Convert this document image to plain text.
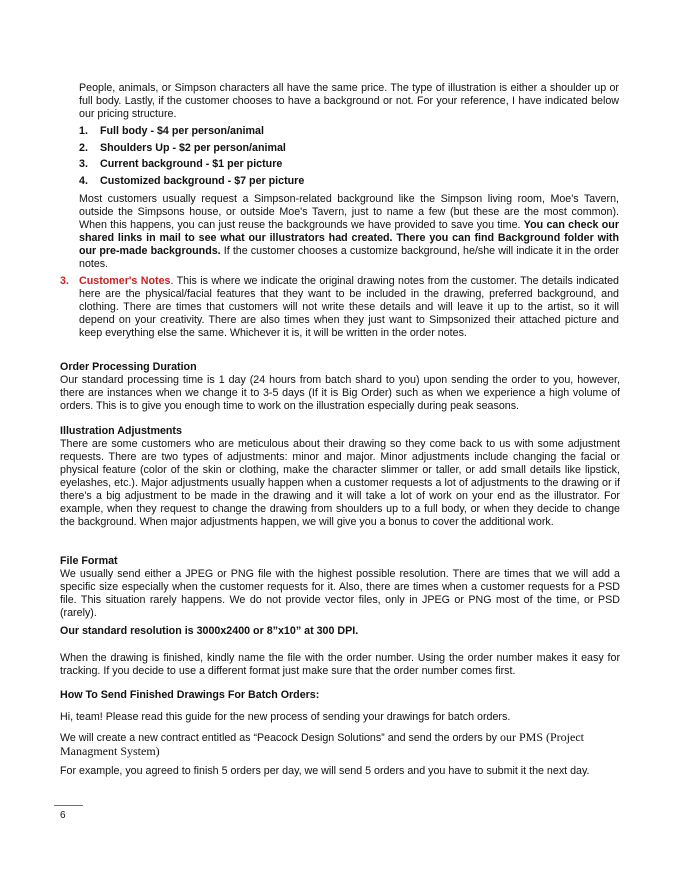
People, animals, or Simpson characters all have the same price. The type of illustration is either a shoulder up or full body. Lastly, if the customer chooses to have a background or not. For your reference, I have indicated below our pricing structure.

1. Full body - $4 per person/animal
2. Shoulders Up - $2 per person/animal
3. Current background - $1 per picture
4. Customized background - $7 per picture

Most customers usually request a Simpson-related background like the Simpson living room, Moe's Tavern, outside the Simpsons house, or outside Moe's Tavern, just to name a few (but these are the most common). When this happens, you can just reuse the backgrounds we have provided to save you time. You can check our shared links in mail to see what our illustrators had created. There you can find Background folder with our pre-made backgrounds. If the customer chooses a customize background, he/she will indicate it in the order notes.

3. Customer's Notes. This is where we indicate the original drawing notes from the customer. The details indicated here are the physical/facial features that they want to be included in the drawing, preferred background, and clothing. There are times that customers will not write these details and will leave it up to the artist, so it will depend on your creativity. There are also times when they just want to Simpsonized their attached picture and keep everything else the same. Whichever it is, it will be written in the order notes.

Order Processing Duration

Our standard processing time is 1 day (24 hours from batch shard to you) upon sending the order to you, however, there are instances when we change it to 3-5 days (If it is Big Order) such as when we experience a high volume of orders. This is to give you enough time to work on the illustration especially during peak seasons.

Illustration Adjustments

There are some customers who are meticulous about their drawing so they come back to us with some adjustment requests. There are two types of adjustments: minor and major. Minor adjustments include changing the facial or physical feature (color of the skin or clothing, make the character slimmer or taller, or add small details like lipstick, eyelashes, etc.). Major adjustments usually happen when a customer requests a lot of adjustments to the drawing or if there's a big adjustment to be made in the drawing and it will take a lot of work on your end as the illustrator. For example, when they request to change the drawing from shoulders up to a full body, or when they decide to change the background. When major adjustments happen, we will give you a bonus to cover the additional work.

File Format

We usually send either a JPEG or PNG file with the highest possible resolution. There are times that we will add a specific size especially when the customer requests for it. Also, there are times when a customer requests for a PSD file. This situation rarely happens. We do not provide vector files, only in JPEG or PNG most of the time, or PSD (rarely).

Our standard resolution is 3000x2400 or 8”x10” at 300 DPI.

When the drawing is finished, kindly name the file with the order number. Using the order number makes it easy for tracking. If you decide to use a different format just make sure that the order number comes first.

How To Send Finished Drawings For Batch Orders:

Hi, team! Please read this guide for the new process of sending your drawings for batch orders.

We will create a new contract entitled as “Peacock Design Solutions” and send the orders by our PMS (Project Managment System)

For example, you agreed to finish 5 orders per day, we will send 5 orders and you have to submit it the next day.

6
